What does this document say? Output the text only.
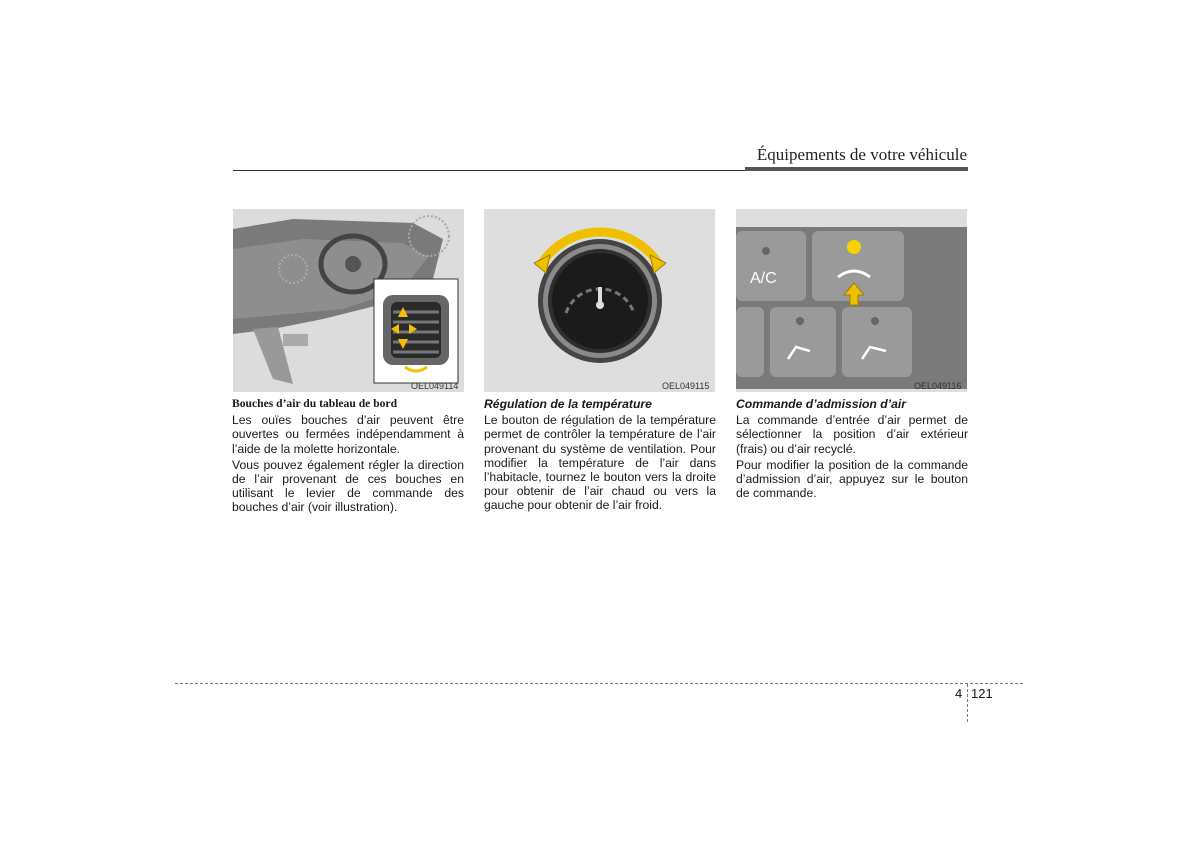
Équipements de votre véhicule
OEL049114	OEL049115
A/C
OEL049116

Bouches d’air du tableau de bord

Les ouïes bouches d’air peuvent être ouvertes ou fermées indépendamment à l’aide de la molette horizontale.

Vous pouvez également régler la direction de l’air provenant de ces bouches en utilisant le levier de commande des bouches d’air (voir illustration).

Régulation de la température

Le bouton de régulation de la température permet de contrôler la température de l’air provenant du système de ventilation. Pour modifier la température de l’air dans l’habitacle, tournez le bouton vers la droite pour obtenir de l’air chaud ou vers la gauche pour obtenir de l’air froid.

Commande d’admission d’air

La commande d’entrée d’air permet de sélectionner la position d’air extérieur (frais) ou d’air recyclé.

Pour modifier la position de la commande d’admission d’air, appuyez sur le bouton de commande.

4 121
